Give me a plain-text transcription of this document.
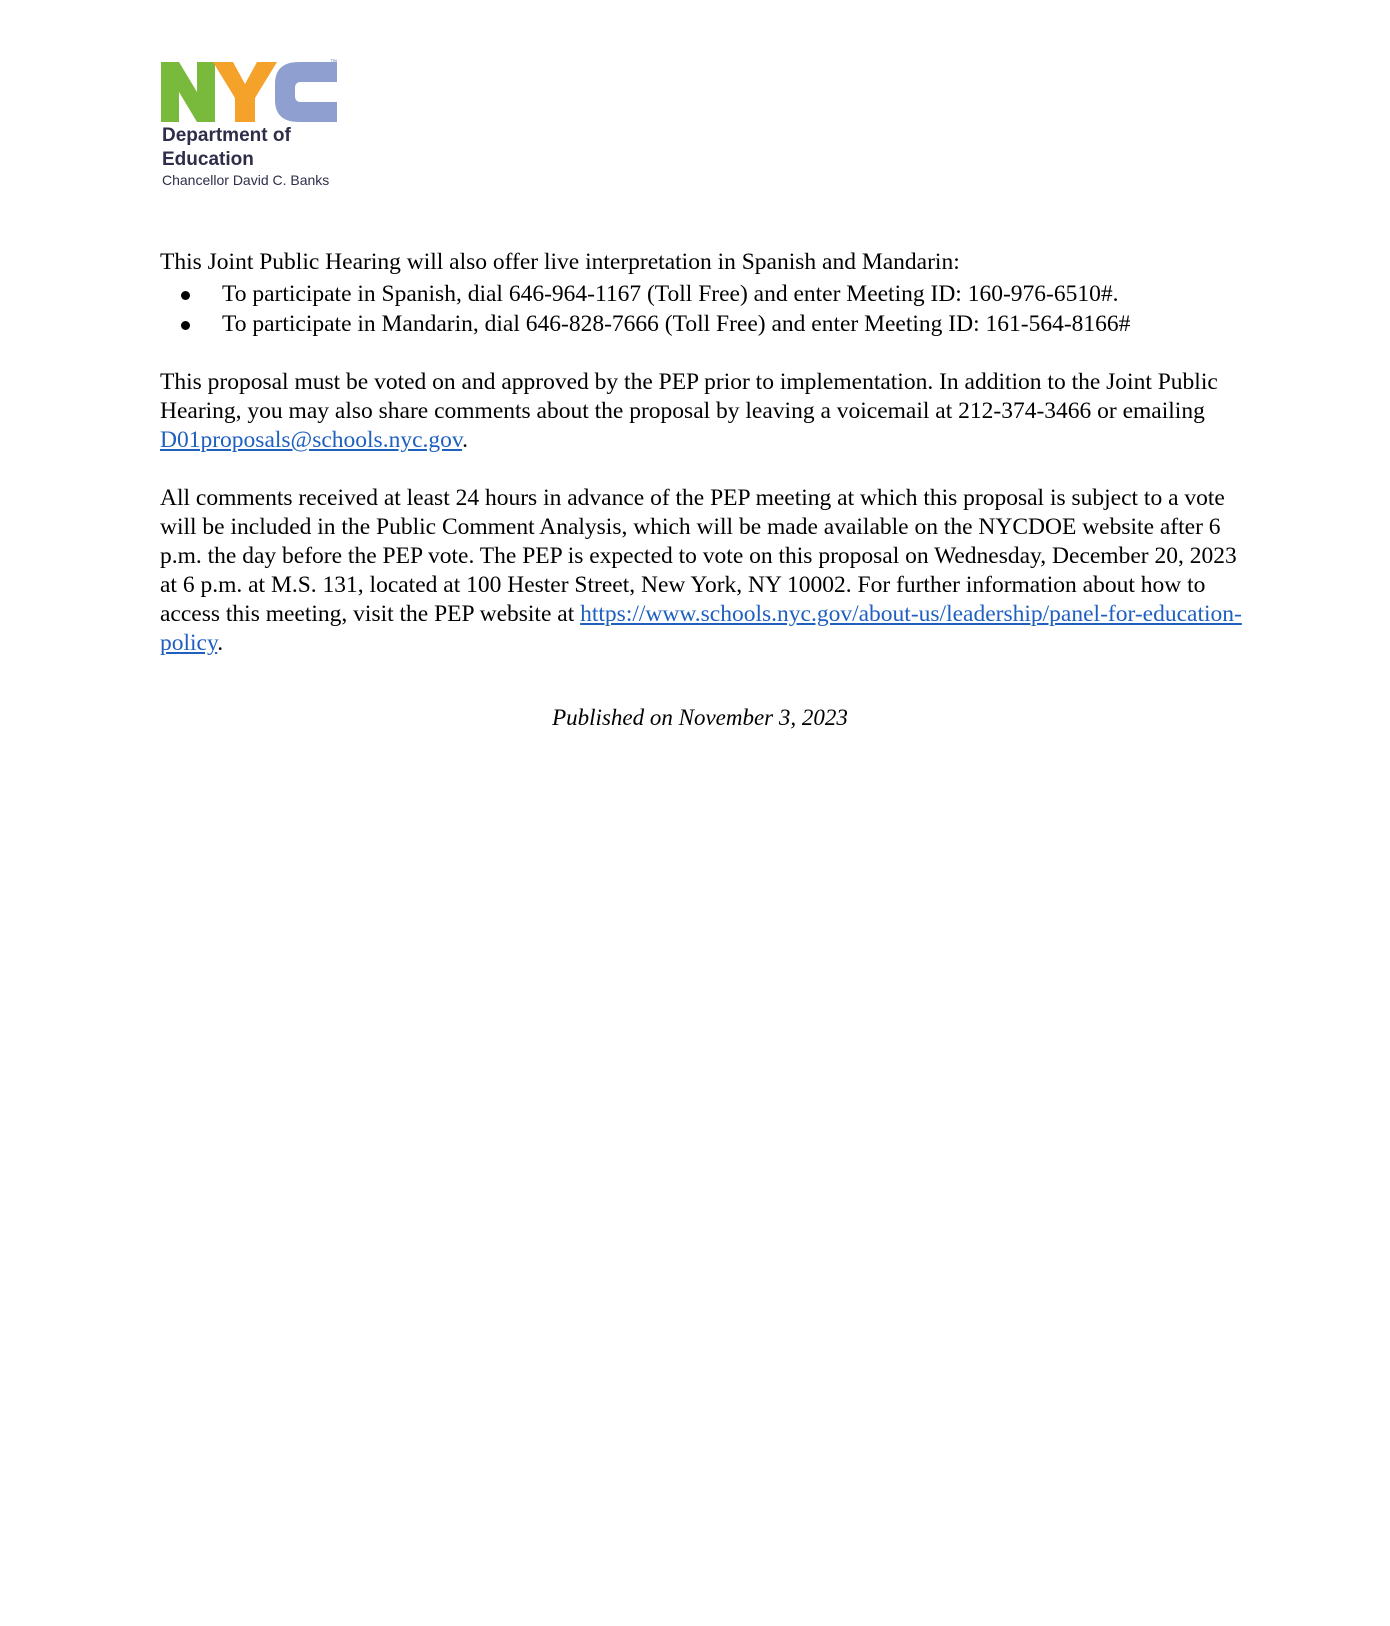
™
Department of
Education
Chancellor David C. Banks

This Joint Public Hearing will also offer live interpretation in Spanish and Mandarin:

To participate in Spanish, dial 646-964-1167 (Toll Free) and enter Meeting ID: 160-976-6510#.
To participate in Mandarin, dial 646-828-7666 (Toll Free) and enter Meeting ID: 161-564-8166#

This proposal must be voted on and approved by the PEP prior to implementation. In addition to the Joint Public Hearing, you may also share comments about the proposal by leaving a voicemail at 212-374-3466 or emailing D01proposals@schools.nyc.gov.

All comments received at least 24 hours in advance of the PEP meeting at which this proposal is subject to a vote will be included in the Public Comment Analysis, which will be made available on the NYCDOE website after 6 p.m. the day before the PEP vote. The PEP is expected to vote on this proposal on Wednesday, December 20, 2023 at 6 p.m. at M.S. 131, located at 100 Hester Street, New York, NY 10002. For further information about how to access this meeting, visit the PEP website at https://www.schools.nyc.gov/about-us/leadership/panel-for-education-policy.

Published on November 3, 2023
